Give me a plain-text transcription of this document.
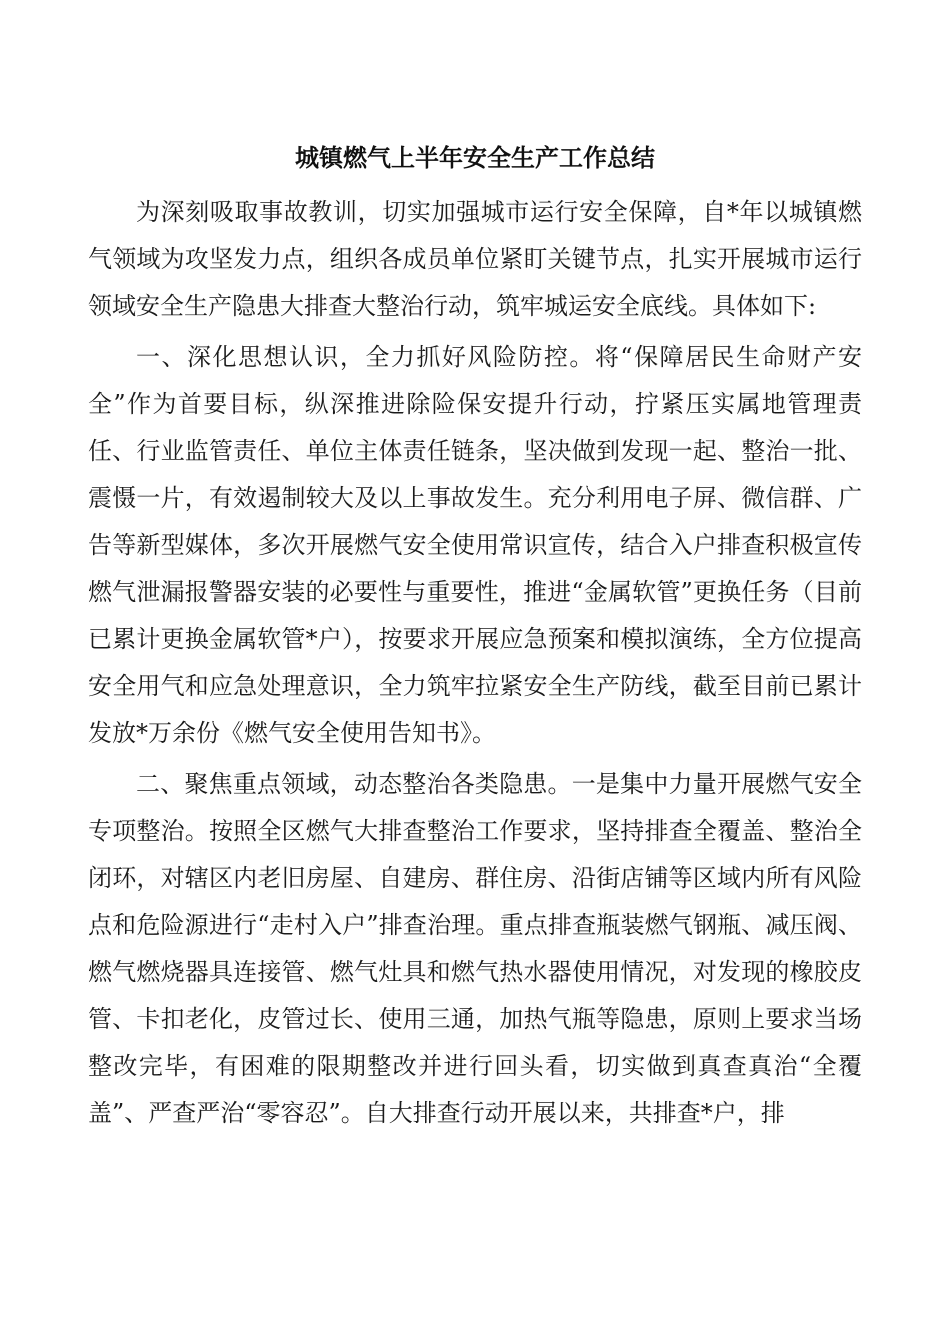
城镇燃气上半年安全生产工作总结

为深刻吸取事故教训，切实加强城市运行安全保障，自*年以城镇燃气领域为攻坚发力点，组织各成员单位紧盯关键节点，扎实开展城市运行领域安全生产隐患大排查大整治行动，筑牢城运安全底线。具体如下:

一、深化思想认识，全力抓好风险防控。将“保障居民生命财产安全”作为首要目标，纵深推进除险保安提升行动，拧紧压实属地管理责任、行业监管责任、单位主体责任链条，坚决做到发现一起、整治一批、震慑一片，有效遏制较大及以上事故发生。充分利用电子屏、微信群、广告等新型媒体，多次开展燃气安全使用常识宣传，结合入户排查积极宣传燃气泄漏报警器安装的必要性与重要性，推进“金属软管”更换任务（目前已累计更换金属软管*户），按要求开展应急预案和模拟演练，全方位提高安全用气和应急处理意识，全力筑牢拉紧安全生产防线，截至目前已累计发放*万余份《燃气安全使用告知书》。

二、聚焦重点领域，动态整治各类隐患。一是集中力量开展燃气安全专项整治。按照全区燃气大排查整治工作要求，坚持排查全覆盖、整治全闭环，对辖区内老旧房屋、自建房、群住房、沿街店铺等区域内所有风险点和危险源进行“走村入户”排查治理。重点排查瓶装燃气钢瓶、减压阀、燃气燃烧器具连接管、燃气灶具和燃气热水器使用情况，对发现的橡胶皮管、卡扣老化，皮管过长、使用三通，加热气瓶等隐患，原则上要求当场整改完毕，有困难的限期整改并进行回头看，切实做到真查真治“全覆盖”、严查严治“零容忍”。自大排查行动开展以来，共排查*户，排
